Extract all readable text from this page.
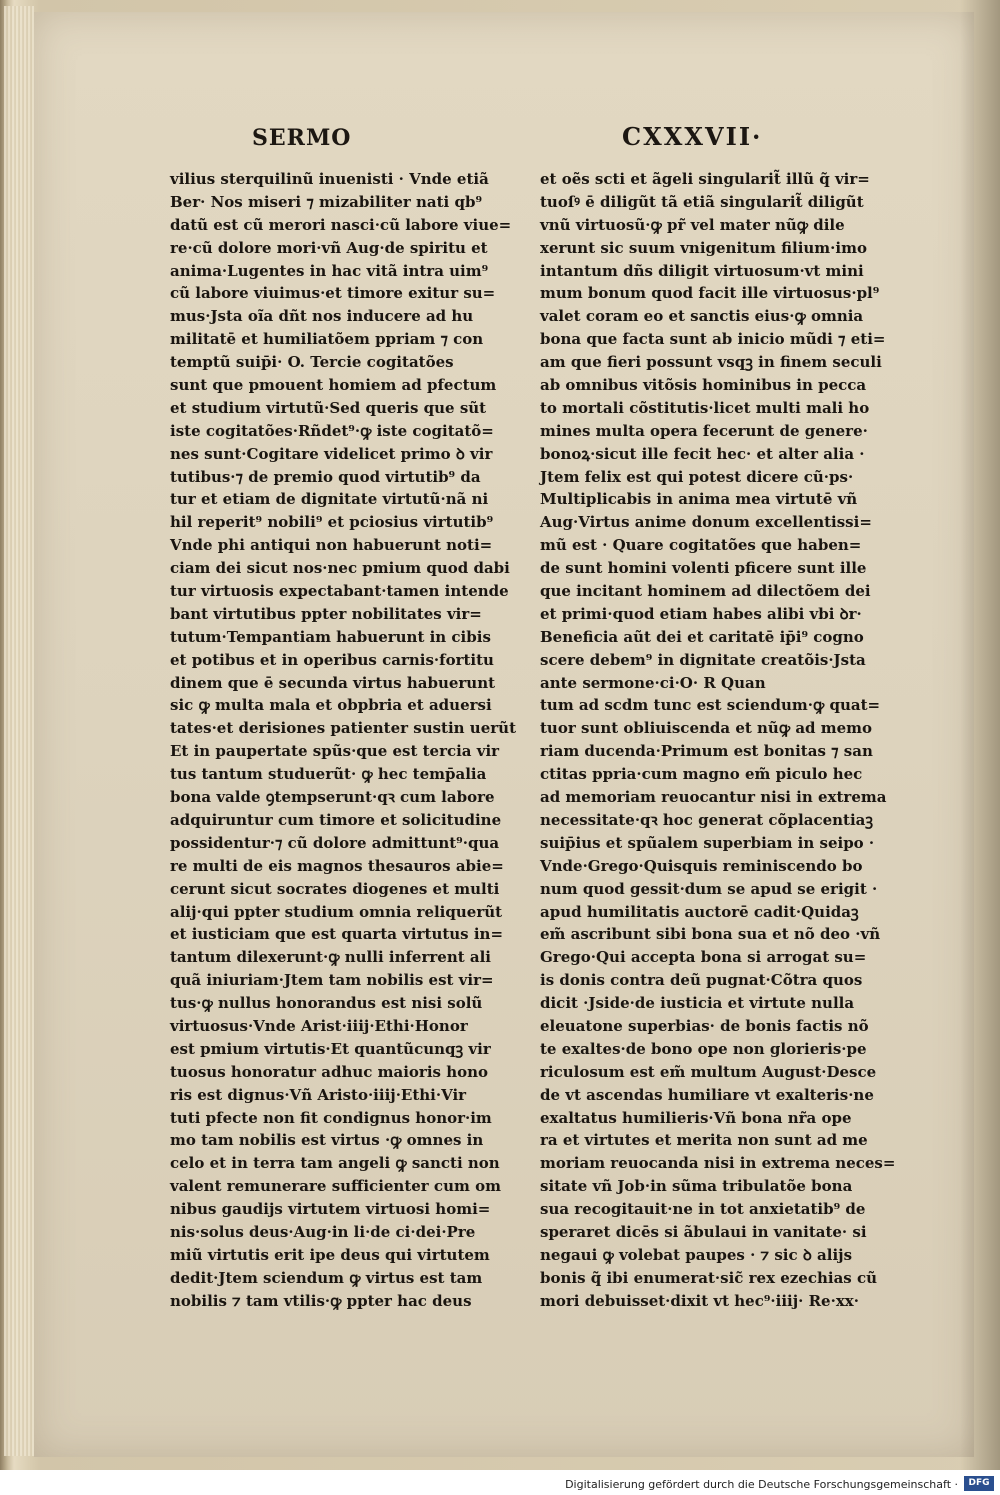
SERMO	CXXXVII·
vilius sterquilinũ inuenisti · Vnde etiã
Ber· Nos miseri ⁊ mi̇zabiliter nati qb⁹
datũ est cũ merori nasci·cũ labore viue=
re·cũ dolore mori·vñ Aug·de spiritu et
anima·Lugentes in hac vitã intra uim⁹
cũ labore viuimus·et timore exitur su=
mus·Jsta oĩa dñt nos inducere ad hu
militatē et humiliatõem ppriam ⁊ con
temptũ suip̄i· O. Tercie cogitatões
sunt que pmouent homiem ad pfectum
et studium virtutũ·Sed queris que sũt
iste cogitatões·Rñdet⁹·ꝙ iste cogitatõ=
nes sunt·Cogitare videlicet primo ꝺ vir
tutibus·⁊ de premio quod virtutib⁹ da
tur et etiam de dignitate virtutũ·nã ni
hil reperit⁹ nobili⁹ et pciosius virtutib⁹
Vnde phi antiqui non habuerunt noti=
ciam dei sicut nos·nec pmium quod dabi
tur virtuosis expectabant·tamen intende
bant virtutibus ppter nobilitates vir=
tutum·Tempantiam habuerunt in cibis
et potibus et in operibus carnis·fortitu
dinem que ē secunda virtus habuerunt
sic ꝙ multa mala et obpbria et aduersi
tates·et derisiones patienter sustin uerũt
Et in paupertate spũs·que est tercia vir
tus tantum studuerũt· ꝙ hec temp̄alia
bona valde ꝯtempserunt·qꝛ cum labore
adquiruntur cum timore et solicitudine
possidentur·⁊ cũ dolore admittunt⁹·qua
re multi de eis magnos thesauros abie=
cerunt sicut socrates diogenes et multi
alij·qui ppter studium omnia reliquerũt
et iusticiam que est quarta virtutus in=
tantum dilexerunt·ꝙ nulli inferrent ali
quã iniuriam·Jtem tam nobilis est vir=
tus·ꝙ nullus honorandus est nisi solũ
virtuosus·Vnde Arist·iiij·Ethi·Honor
est pmium virtutis·Et quantũcunqꝫ vir
tuosus honoratur adhuc maioris hono
ris est dignus·Vñ Aristo·iiij·Ethi·Vir
tuti pfecte non fit condignus honor·im
mo tam nobilis est virtus ·ꝙ omnes in
celo et in terra tam angeli ꝙ sancti non
valent remunerare sufficienter cum om
nibus gaudijs virtutem virtuosi homi=
nis·solus deus·Aug·in li·de ci·dei·Pre
miũ virtutis erit ipe deus qui virtutem
dedit·Jtem sciendum ꝙ virtus est tam
nobilis ⁊ tam vtilis·ꝙ ppter hac deus
et oẽs scti et ãgeli singularit̃ illũ q̃ vir=
tuoſꝰ ē diligũt tã etiã singularit̃ diligũt
vnũ virtuosũ·ꝙ pr̃ vel mater nũꝙ dile
xerunt sic suum vnigenitum filium·imo
intantum dñs diligit virtuosum·vt mini
mum bonum quod facit ille virtuosus·pl⁹
valet coram eo et sanctis eius·ꝙ omnia
bona que facta sunt ab inicio mũdi ⁊ eti=
am que fieri possunt vsqꝫ in finem seculi
ab omnibus vitõsis hominibus in pecca
to mortali cõstitutis·licet multi mali ho
mines multa opera fecerunt de genere·
bonoꝝ·sicut ille fecit hec· et alter alia ·
Jtem felix est qui potest dicere cũ·ps·
Multiplicabis in anima mea virtutē vñ
Aug·Virtus anime donum excellentissi=
mũ est · Quare cogitatões que haben=
de sunt homini volenti pficere sunt ille
que incitant hominem ad dilectõem dei
et primi·quod etiam habes alibi vbi ꝺr·
Beneficia aũt dei et caritatē ip̄i⁹ cogno
scere debem⁹ in dignitate creatõis·Jsta
ante sermone·ci·O· R Quan
tum ad scdm tunc est sciendum·ꝙ quat=
tuor sunt obliuiscenda et nũꝙ ad memo
riam ducenda·Primum est bonitas ⁊ san
ctitas ppria·cum magno em̃ piculo hec
ad memoriam reuocantur nisi in extrema
necessitate·qꝛ hoc generat cõplacentiaꝫ
suip̄ius et spũalem superbiam in seipo ·
Vnde·Grego·Quisquis reminiscendo bo
num quod gessit·dum se apud se erigit ·
apud humilitatis auctorē cadit·Quidaꝫ
em̃ ascribunt sibi bona sua et nõ deo ·vñ
Grego·Qui accepta bona si arrogat su=
is donis contra deũ pugnat·Cõtra quos
dicit ·Jside·de iusticia et virtute nulla
eleuatone superbias· de bonis factis nõ
te exaltes·de bono ope non glorieris·pe
riculosum est em̃ multum August·Desce
de vt ascendas humiliare vt exalteris·ne
exaltatus humilieris·Vñ bona nr̃a ope
ra et virtutes et merita non sunt ad me
moriam reuocanda nisi in extrema neces=
sitate vñ Job·in sũma tribulatõe bona
sua recogitauit·ne in tot anxietatib⁹ de
speraret dicēs si ãbulaui in vanitate· si
negaui ꝙ volebat paupes · ⁊ sic ꝺ alijs
bonis q̃ ibi enumerat·sic̃ rex ezechias cũ
mori debuisset·dixit vt hec⁹·iiij· Re·xx·
Digitalisierung gefördert durch die Deutsche Forschungsgemeinschaft ·	DFG
